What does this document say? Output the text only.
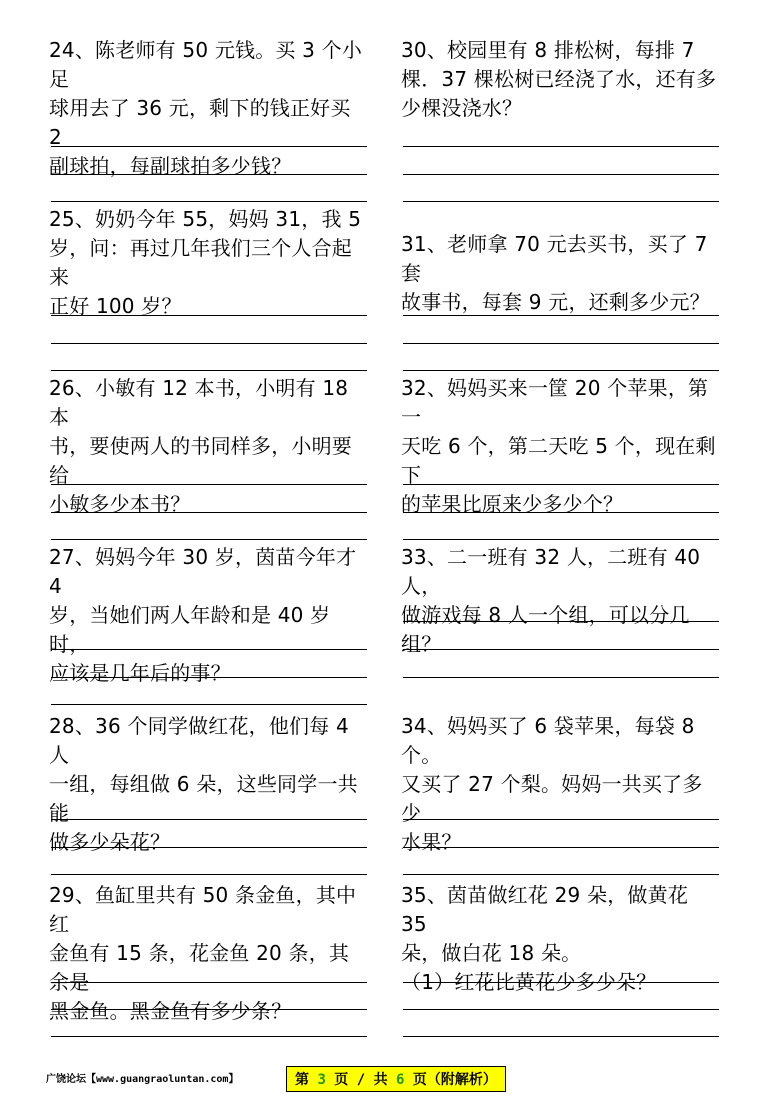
24、陈老师有 50 元钱。买 3 个小足
球用去了 36 元，剩下的钱正好买 2
副球拍，每副球拍多少钱？

25、奶奶今年 55，妈妈 31，我 5
岁，问：再过几年我们三个人合起来
正好 100 岁？

26、小敏有 12 本书，小明有 18 本
书，要使两人的书同样多，小明要给
小敏多少本书？

27、妈妈今年 30 岁，茵苗今年才 4
岁，当她们两人年龄和是 40 岁时，
应该是几年后的事？

28、36 个同学做红花，他们每 4 人
一组，每组做 6 朵，这些同学一共能
做多少朵花？

29、鱼缸里共有 50 条金鱼，其中红
金鱼有 15 条，花金鱼 20 条，其余是
黑金鱼。黑金鱼有多少条？

30、校园里有 8 排松树，每排 7
棵．37 棵松树已经浇了水，还有多
少棵没浇水？

31、老师拿 70 元去买书，买了 7 套
故事书，每套 9 元，还剩多少元？

32、妈妈买来一筐 20 个苹果，第一
天吃 6 个，第二天吃 5 个，现在剩下
的苹果比原来少多少个？

33、二一班有 32 人，二班有 40 人，
做游戏每 8 人一个组，可以分几组？

34、妈妈买了 6 袋苹果，每袋 8 个。
又买了 27 个梨。妈妈一共买了多少
水果？

35、茵苗做红花 29 朵，做黄花 35
朵，做白花 18 朵。
（1）红花比黄花少多少朵？

广饶论坛【www.guangraoluntan.com】	第 3 页 / 共 6 页（附解析）
